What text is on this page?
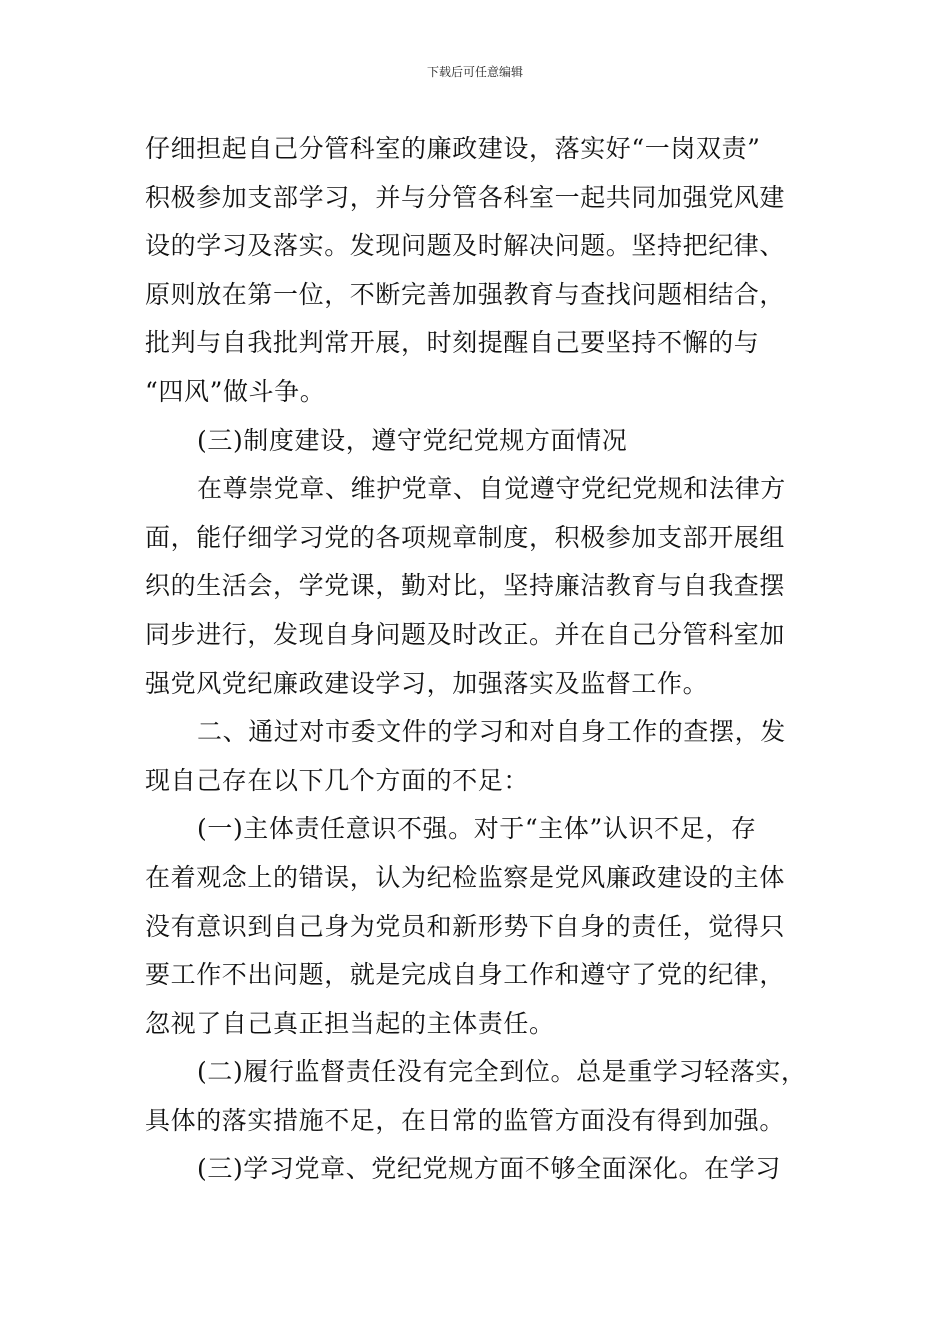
下载后可任意编辑
仔细担起自己分管科室的廉政建设，落实好“一岗双责”
积极参加支部学习，并与分管各科室一起共同加强党风建
设的学习及落实。发现问题及时解决问题。坚持把纪律、
原则放在第一位，不断完善加强教育与查找问题相结合，
批判与自我批判常开展，时刻提醒自己要坚持不懈的与
“四风”做斗争。
(三)制度建设，遵守党纪党规方面情况
在尊崇党章、维护党章、自觉遵守党纪党规和法律方
面，能仔细学习党的各项规章制度，积极参加支部开展组
织的生活会，学党课，勤对比，坚持廉洁教育与自我查摆
同步进行，发现自身问题及时改正。并在自己分管科室加
强党风党纪廉政建设学习，加强落实及监督工作。
二、通过对市委文件的学习和对自身工作的查摆，发
现自己存在以下几个方面的不足：
(一)主体责任意识不强。对于“主体”认识不足，存
在着观念上的错误，认为纪检监察是党风廉政建设的主体
没有意识到自己身为党员和新形势下自身的责任，觉得只
要工作不出问题，就是完成自身工作和遵守了党的纪律，
忽视了自己真正担当起的主体责任。
(二)履行监督责任没有完全到位。总是重学习轻落实，
具体的落实措施不足，在日常的监管方面没有得到加强。
(三)学习党章、党纪党规方面不够全面深化。在学习
